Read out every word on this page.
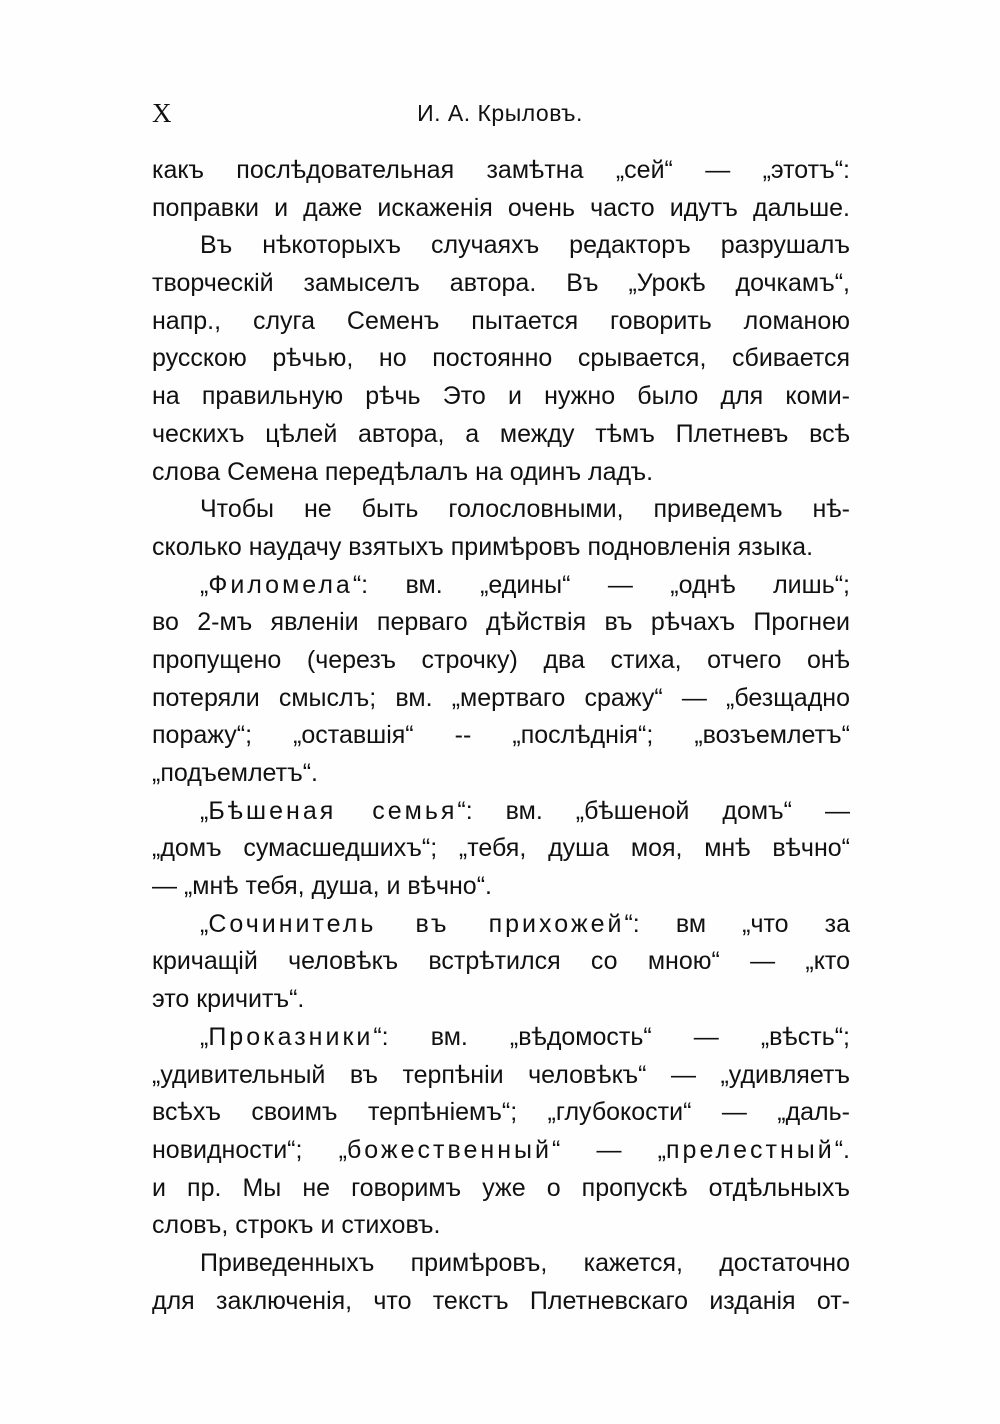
X	И. А. Крыловъ.
какъ послѣдовательная замѣтна „сей“ — „этотъ“:
поправки и даже искаженія очень часто идутъ дальше.
Въ нѣкоторыхъ случаяхъ редакторъ разрушалъ
творческій замыселъ автора. Въ „Урокѣ дочкамъ“,
напр., слуга Семенъ пытается говорить ломаною
русскою рѣчью, но постоянно срывается, сбивается
на правильную рѣчь Это и нужно было для коми-
ческихъ цѣлей автора, а между тѣмъ Плетневъ всѣ
слова Семена передѣлалъ на одинъ ладъ.
Чтобы не быть голословными, приведемъ нѣ-
сколько наудачу взятыхъ примѣровъ подновленія языка.
„Филомела“: вм. „едины“ — „однѣ лишь“;
во 2-мъ явленіи перваго дѣйствія въ рѣчахъ Прогнеи
пропущено (черезъ строчку) два стиха, отчего онѣ
потеряли смыслъ; вм. „мертваго сражу“ — „безщадно
поражу“; „оставшія“ -- „послѣднія“; „возъемлетъ“
„подъемлетъ“.
„Бѣшеная семья“: вм. „бѣшеной домъ“ —
„домъ сумасшедшихъ“; „тебя, душа моя, мнѣ вѣчно“
— „мнѣ тебя, душа, и вѣчно“.
„Сочинитель въ прихожей“: вм „что за
кричащій человѣкъ встрѣтился со мною“ — „кто
это кричитъ“.
„Проказники“: вм. „вѣдомость“ — „вѣсть“;
„удивительный въ терпѣніи человѣкъ“ — „удивляетъ
всѣхъ своимъ терпѣніемъ“; „глубокости“ — „даль-
новидности“; „божественный“ — „прелестный“.
и пр. Мы не говоримъ уже о пропускѣ отдѣльныхъ
словъ, строкъ и стиховъ.
Приведенныхъ примѣровъ, кажется, достаточно
для заключенія, что текстъ Плетневскаго изданія от-
